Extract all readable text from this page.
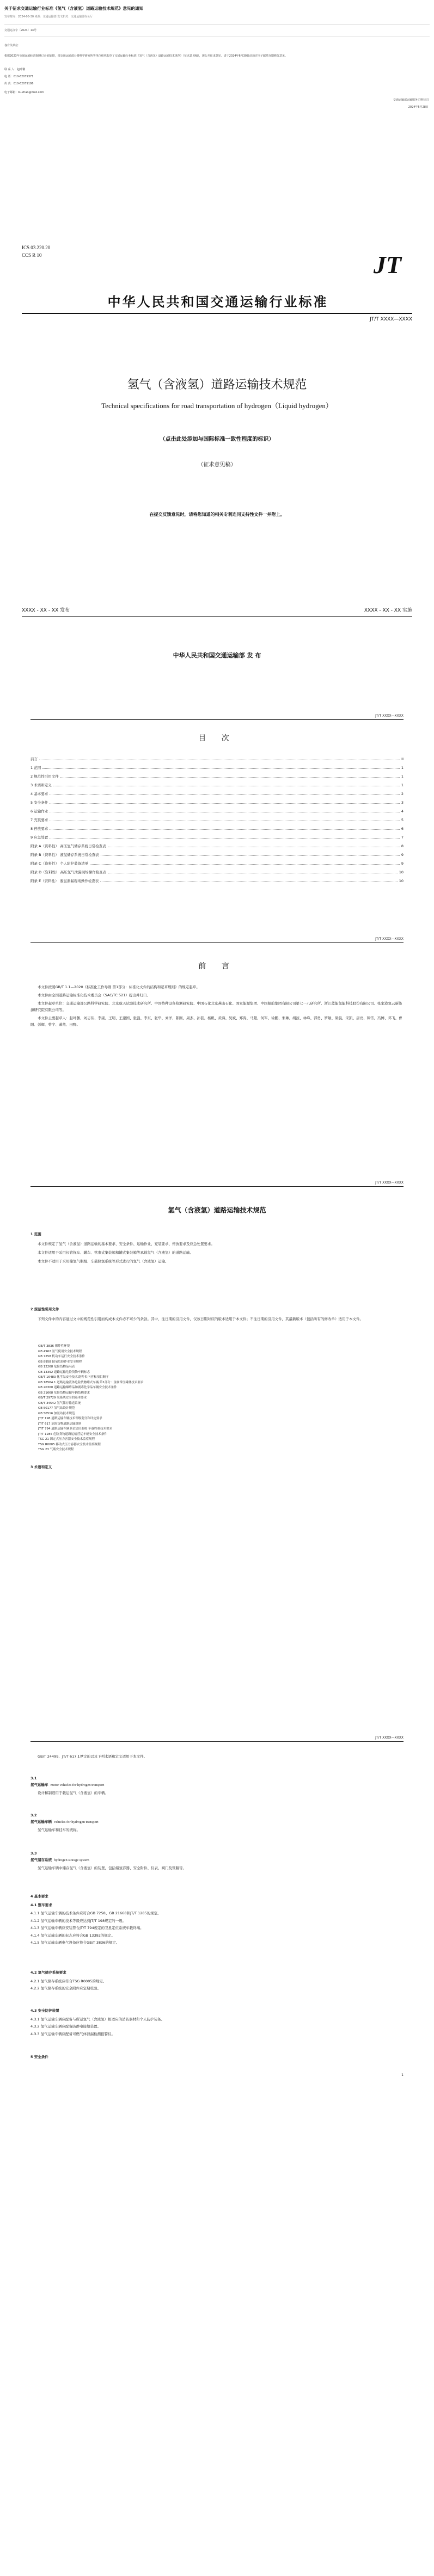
关于征求交通运输行业标准《氢气（含液氢）道路运输技术规范》意见的通知
发布时间：2024-05-30 来源：交通运输部 发文机关：交通运输部办公厅
交通运办字〔2024〕14号
各有关单位：
根据2023年交通运输标准制修订计划安排，部交通运输部公路科学研究所等单位组织起草了交通运输行业标准《氢气（含液氢）道路运输技术规范》（征求意见稿），现公开征求意见。请于2024年6月30日前通过电子邮件反馈修改意见。
联 系 人：赵叶馨
电 话：010-62079371
传 真：010-62079186
电子邮箱：liu.zhao@mail.com
交通运输部运输服务司科技司
2024年5月28日
ICS 03.220.20
CCS R 10	JT
中华人民共和国交通运输行业标准
JT/T XXXX—XXXX
氢气（含液氢）道路运输技术规范
Technical specifications for road transportation of hydrogen（Liquid hydrogen）
（点击此处添加与国际标准一致性程度的标识）
（征求意见稿）
在提交反馈意见时，请将您知道的相关专利连同支持性文件一并附上。
XXXX - XX - XX 发布	XXXX - XX - XX 实施
中华人民共和国交通运输部 发 布
JT/T XXXX—XXXX
目 次
前言	II
1 范围	1
2 规范性引用文件	1
3 术语和定义	1
4 基本要求	2
5 安全条件	3
6 运输作业	4
7 充装要求	5
8 停放要求	6
9 应急处置	7
附录 A（资料性） 高压氢气储存系统日常检查表	8
附录 B（资料性） 液氢储存系统日常检查表	9
附录 C（资料性） 个人防护装备清单	9
附录 D（资料性） 高压氢气泄漏现场操作检查表	10
附录 E（资料性） 液氢泄漏现场操作检查表	10
JT/T XXXX—XXXX
前 言

本文件按照GB/T 1.1—2020《标准化工作导则 第1部分：标准化文件的结构和起草规则》的规定起草。

本文件由全国道路运输标准化技术委员会（SAC/TC 521）提出并归口。

本文件起草单位：交通运输部公路科学研究院、北京航天试验技术研究所、中国特种设备检测研究院、中国石化北京燕山石化、国家能源集团、中国船舶集团有限公司第七一八研究所、浙江蓝能氢能科技股份有限公司、张家港氢云新能源研究院有限公司等。

本文件主要起草人：赵叶馨、刘志伟、李康、王明、王建国、张强、李东、张华、刘洋、陈刚、周杰、孙磊、杨帆、黄海、吴斌、郑涛、马超、何军、徐鹏、朱琳、胡波、林峰、郭勇、罗敏、梁晨、宋凯、唐亮、韩雪、冯博、邓飞、曹阳、彭辉、曾宇、萧然、田野。

JT/T XXXX—XXXX
氢气（含液氢）道路运输技术规范
1 范围

本文件规定了氢气（含液氢）道路运输的基本要求、安全条件、运输作业、充装要求、停放要求及应急处置要求。

本文件适用于采用长管拖车、罐车、管束式集装箱和罐式集装箱等承载氢气（含液氢）的道路运输。

本文件不适用于采用储氢气瓶组、车载储氢系统等形式进行的氢气（含液氢）运输。

2 规范性引用文件

下列文件中的内容通过文中的规范性引用而构成本文件必不可少的条款。其中，注日期的引用文件，仅该日期对应的版本适用于本文件；不注日期的引用文件，其最新版本（包括所有的修改单）适用于本文件。

GB/T 3836 爆炸性环境
GB 4962 氢气使用安全技术规程
GB 7258 机动车运行安全技术条件
GB 8958 缺氧危险作业安全规程
GB 12268 危险货物品名表
GB 13392 道路运输危险货物车辆标志
GB/T 16483 化学品安全技术说明书 内容和项目顺序
GB 18564.1 道路运输液体危险货物罐式车辆 第1部分：金属常压罐体技术要求
GB 20300 道路运输爆炸品和剧毒化学品车辆安全技术条件
GB 21668 危险货物运输车辆结构要求
GB/T 29729 氢系统安全的基本要求
GB/T 34542 氢气储存输送系统
GB 50177 氢气站设计规范
GB 50516 加氢站技术规范
JT/T 198 道路运输车辆技术等级划分和评定要求
JT/T 617 危险货物道路运输规则
JT/T 794 道路运输车辆卫星定位系统 车载终端技术要求
JT/T 1285 危险货物道路运输营运车辆安全技术条件
TSG 21 固定式压力容器安全技术监察规程
TSG R0005 移动式压力容器安全技术监察规程
TSG 23 气瓶安全技术规程
3 术语和定义
JT/T XXXX—XXXX

GB/T 24499、JT/T 617.1界定的以及下列术语和定义适用于本文件。

3.1
氢气运输车 motor vehicles for hydrogen transport
设计和制造用于载运氢气（含液氢）的车辆。
3.2
氢气运输车辆 vehicles for hydrogen transport
氢气运输车和挂车的统称。
3.3
氢气储存系统 hydrogen storage system
氢气运输车辆中储存氢气（含液氢）的装置，包括储氢容器、安全附件、仪表、阀门及管路等。
4 基本要求
4.1 整车要求

4.1.1 氢气运输车辆的技术条件应符合GB 7258、GB 21668和JT/T 1285的规定。

4.1.2 氢气运输车辆的技术等级应达到JT/T 198规定的一级。

4.1.3 氢气运输车辆应安装符合JT/T 794规定的卫星定位系统车载终端。

4.1.4 氢气运输车辆的标志应符合GB 13392的规定。

4.1.5 氢气运输车辆电气设备应符合GB/T 3836的规定。

4.2 氢气储存系统要求

4.2.1 氢气储存系统应符合TSG R0005的规定。

4.2.2 氢气储存系统的安全附件应定期校验。

4.3 安全防护装置

4.3.1 氢气运输车辆应配备与所运氢气（含液氢）相适应的消防器材和个人防护装备。

4.3.2 氢气运输车辆应配备防静电接地装置。

4.3.3 氢气运输车辆应配备可燃气体泄漏检测报警仪。

5 安全条件
1
